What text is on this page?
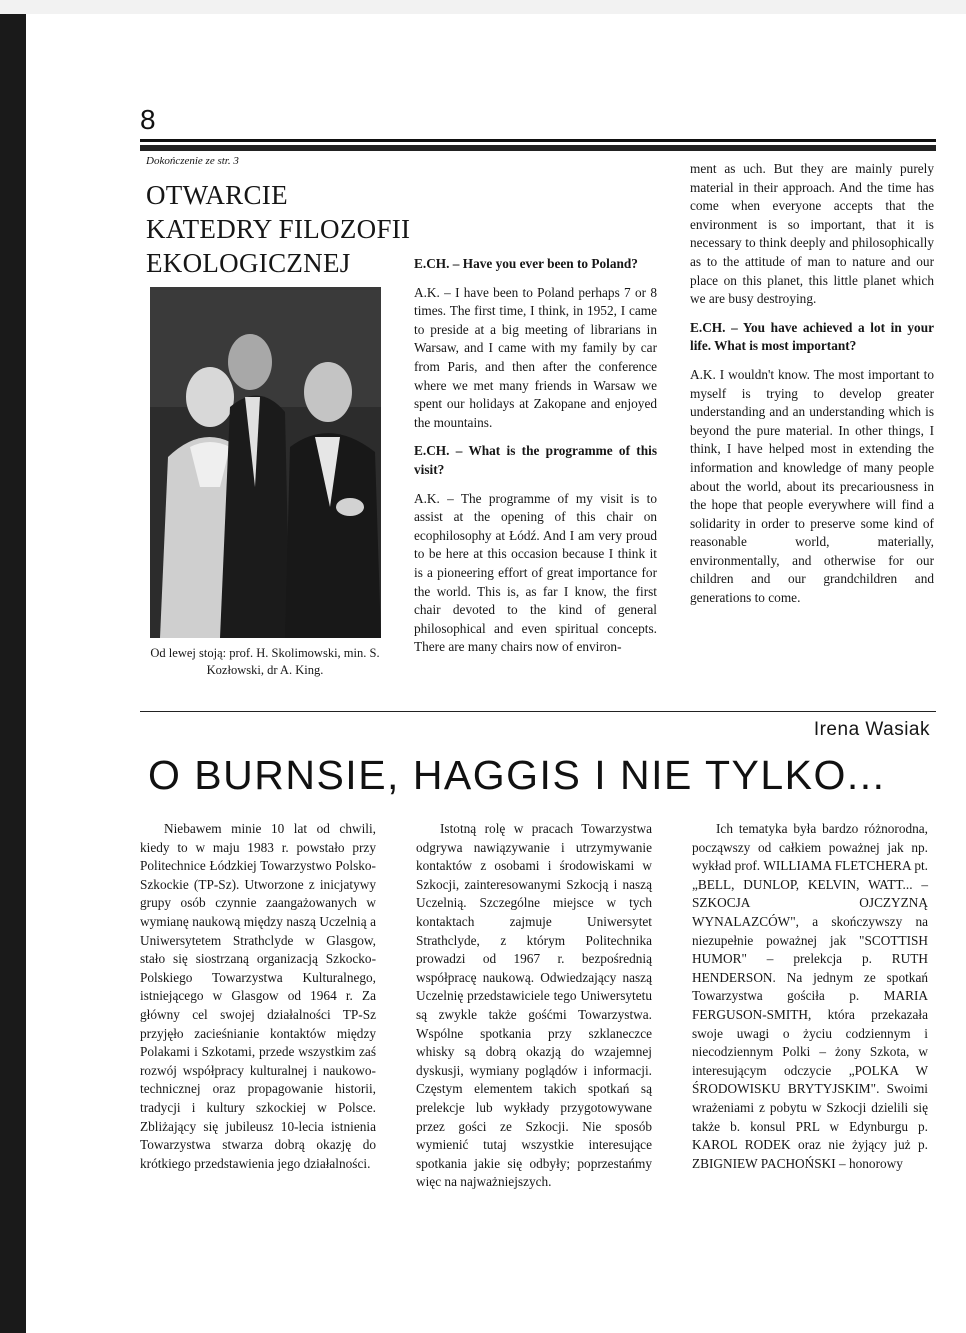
8
Dokończenie ze str. 3
OTWARCIE KATEDRY FILOZOFII EKOLOGICZNEJ
Od lewej stoją: prof. H. Skolimowski, min. S. Kozłowski, dr A. King.

E.CH. – Have you ever been to Poland?

A.K. – I have been to Poland perhaps 7 or 8 times. The first time, I think, in 1952, I came to preside at a big meeting of librarians in Warsaw, and I came with my family by car from Paris, and then after the conference where we met many friends in Warsaw we spent our holidays at Zakopane and enjoyed the mountains.

E.CH. – What is the programme of this visit?

A.K. – The programme of my visit is to assist at the opening of this chair on ecophilosophy at Łódź. And I am very proud to be here at this occasion because I think it is a pioneering effort of great importance for the world. This is, as far I know, the first chair devoted to the kind of general philosophical and even spiritual concepts. There are many chairs now of environ-

ment as uch. But they are mainly purely material in their approach. And the time has come when everyone accepts that the environment is so important, that it is necessary to think deeply and philosophically as to the attitude of man to nature and our place on this planet, this little planet which we are busy destroying.

E.CH. – You have achieved a lot in your life. What is most important?

A.K. I wouldn't know. The most important to myself is trying to develop greater understanding and an understanding which is beyond the pure material. In other things, I think, I have helped most in extending the information and knowledge of many people about the world, about its precariousness in the hope that people everywhere will find a solidarity in order to preserve some kind of reasonable world, materially, environmentally, and otherwise for our children and our grandchildren and generations to come.

Irena Wasiak
O BURNSIE, HAGGIS I NIE TYLKO...

Niebawem minie 10 lat od chwili, kiedy to w maju 1983 r. powstało przy Politechnice Łódzkiej Towarzystwo Polsko-Szkockie (TP-Sz). Utworzone z inicjatywy grupy osób czynnie zaangażowanych w wymianę naukową między naszą Uczelnią a Uniwersytetem Strathclyde w Glasgow, stało się siostrzaną organizacją Szkocko-Polskiego Towarzystwa Kulturalnego, istniejącego w Glasgow od 1964 r. Za główny cel swojej działalności TP-Sz przyjęło zacieśnianie kontaktów między Polakami i Szkotami, przede wszystkim zaś rozwój współpracy kulturalnej i naukowo-technicznej oraz propagowanie historii, tradycji i kultury szkockiej w Polsce. Zbliżający się jubileusz 10-lecia istnienia Towarzystwa stwarza dobrą okazję do krótkiego przedstawienia jego działalności.

Istotną rolę w pracach Towarzystwa odgrywa nawiązywanie i utrzymywanie kontaktów z osobami i środowiskami w Szkocji, zainteresowanymi Szkocją i naszą Uczelnią. Szczególne miejsce w tych kontaktach zajmuje Uniwersytet Strathclyde, z którym Politechnika prowadzi od 1967 r. bezpośrednią współpracę naukową. Odwiedzający naszą Uczelnię przedstawiciele tego Uniwersytetu są zwykle także gośćmi Towarzystwa. Wspólne spotkania przy szklaneczce whisky są dobrą okazją do wzajemnej dyskusji, wymiany poglądów i informacji. Częstym elementem takich spotkań są prelekcje lub wykłady przygotowywane przez gości ze Szkocji. Nie sposób wymienić tutaj wszystkie interesujące spotkania jakie się odbyły; poprzestańmy więc na najważniejszych.

Ich tematyka była bardzo różnorodna, począwszy od całkiem poważnej jak np. wykład prof. WILLIAMA FLETCHERA pt. „BELL, DUNLOP, KELVIN, WATT... – SZKOCJA OJCZYZNĄ WYNALAZCÓW", a skończywszy na niezupełnie poważnej jak "SCOTTISH HUMOR" – prelekcja p. RUTH HENDERSON. Na jednym ze spotkań Towarzystwa gościła p. MARIA FERGUSON-SMITH, która przekazała swoje uwagi o życiu codziennym i niecodziennym Polki – żony Szkota, w interesującym odczycie „POLKA W ŚRODOWISKU BRYTYJSKIM". Swoimi wrażeniami z pobytu w Szkocji dzielili się także b. konsul PRL w Edynburgu p. KAROL RODEK oraz nie żyjący już p. ZBIGNIEW PACHOŃSKI – honorowy
